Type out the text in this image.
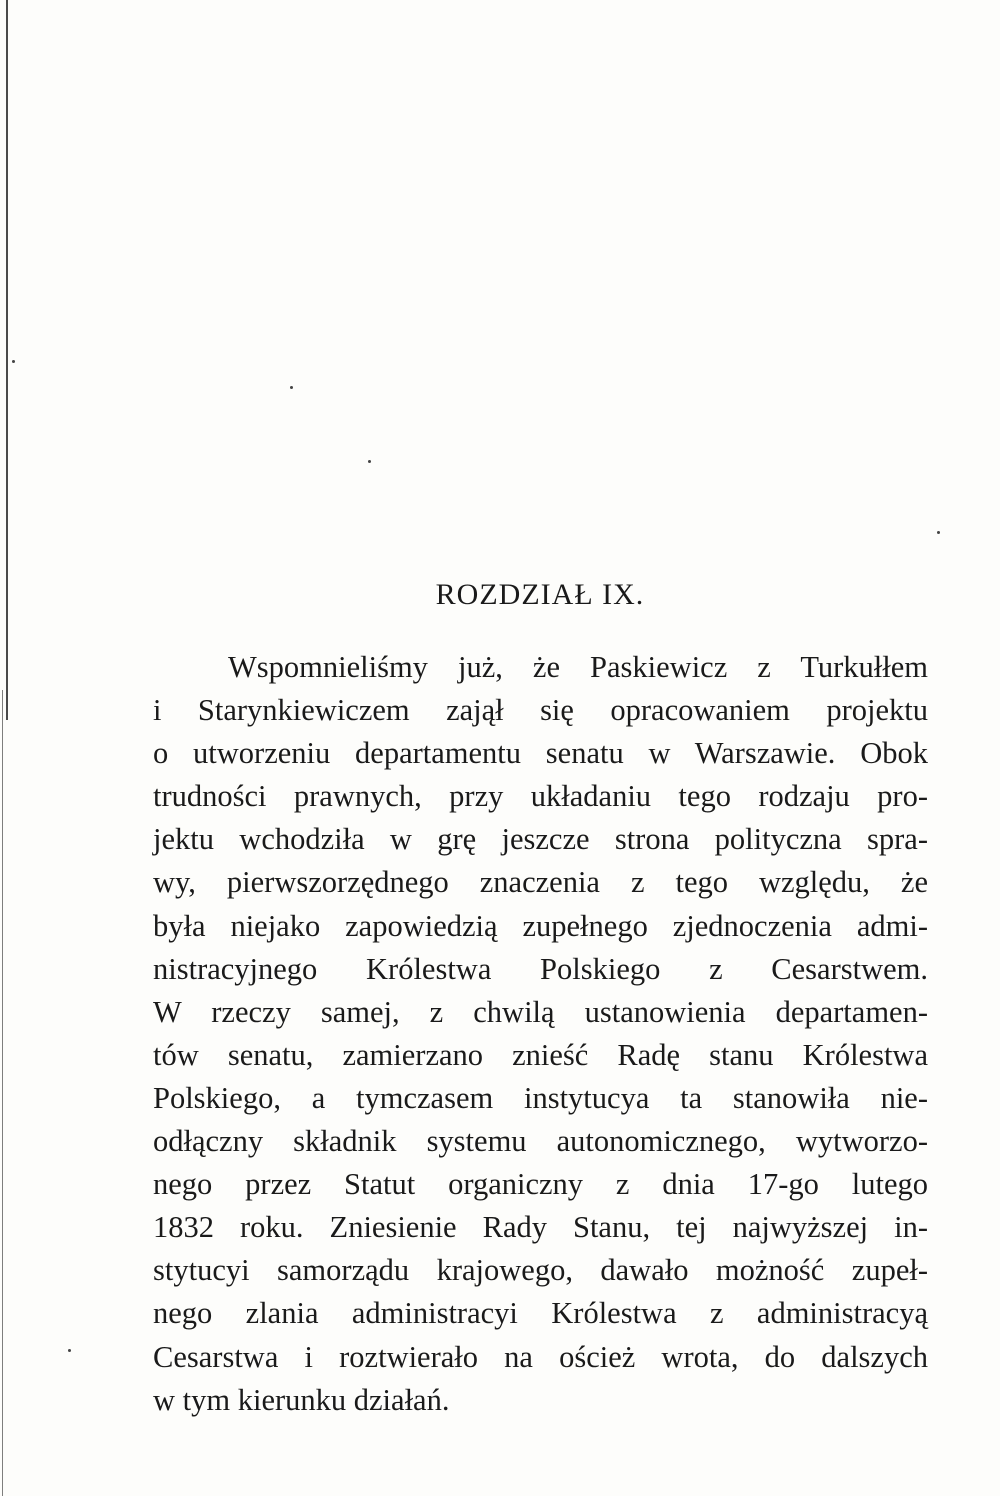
ROZDZIAŁ IX.
Wspomnieliśmy już, że Paskiewicz z Turkułłem
i Starynkiewiczem zajął się opracowaniem projektu
o utworzeniu departamentu senatu w Warszawie. Obok
trudności prawnych, przy układaniu tego rodzaju pro-
jektu wchodziła w grę jeszcze strona polityczna spra-
wy, pierwszorzędnego znaczenia z tego względu, że
była niejako zapowiedzią zupełnego zjednoczenia admi-
nistracyjnego Królestwa Polskiego z Cesarstwem.
W rzeczy samej, z chwilą ustanowienia departamen-
tów senatu, zamierzano znieść Radę stanu Królestwa
Polskiego, a tymczasem instytucya ta stanowiła nie-
odłączny składnik systemu autonomicznego, wytworzo-
nego przez Statut organiczny z dnia 17-go lutego
1832 roku. Zniesienie Rady Stanu, tej najwyższej in-
stytucyi samorządu krajowego, dawało możność zupeł-
nego zlania administracyi Królestwa z administracyą
Cesarstwa i roztwierało na oścież wrota, do dalszych
w tym kierunku działań.
